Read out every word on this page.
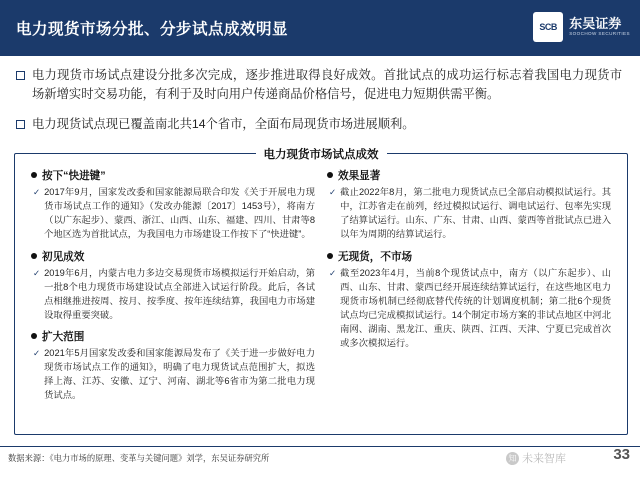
电力现货市场分批、分步试点成效明显	SCB 东吴证券
SOOCHOW SECURITIES
电力现货市场试点建设分批多次完成，逐步推进取得良好成效。首批试点的成功运行标志着我国电力现货市场新增实时交易功能，有利于及时向用户传递商品价格信号，促进电力短期供需平衡。
电力现货试点现已覆盖南北共14个省市，全面布局现货市场进展顺利。
电力现货市场试点成效
按下“快进键”
✓ 2017年9月，国家发改委和国家能源局联合印发《关于开展电力现货市场试点工作的通知》（发改办能源〔2017〕1453号），将南方（以广东起步）、蒙西、浙江、山西、山东、福建、四川、甘肃等8个地区选为首批试点，为我国电力市场建设工作按下了“快进键”。
初见成效
✓ 2019年6月，内蒙古电力多边交易现货市场模拟运行开始启动，第一批8个电力现货市场建设试点全部进入试运行阶段。此后，各试点相继推进按周、按月、按季度、按年连续结算，我国电力市场建设取得重要突破。
扩大范围
✓ 2021年5月国家发改委和国家能源局发布了《关于进一步做好电力现货市场试点工作的通知》，明确了电力现货试点范围扩大，拟选择上海、江苏、安徽、辽宁、河南、湖北等6省市为第二批电力现货试点。
效果显著
✓ 截止2022年8月，第二批电力现货试点已全部启动模拟试运行。其中，江苏省走在前列，经过模拟试运行、调电试运行、包率先实现了结算试运行。山东、广东、甘肃、山西、蒙西等首批试点已进入以年为周期的结算试运行。
无现货，不市场
✓ 截至2023年4月，当前8个现货试点中，南方（以广东起步）、山西、山东、甘肃、蒙西已经开展连续结算试运行，在这些地区电力现货市场机制已经彻底替代传统的计划调度机制；第二批6个现货试点均已完成模拟试运行。14个制定市场方案的非试点地区中河北南网、湖南、黑龙江、重庆、陕西、江西、天津、宁夏已完成首次或多次模拟运行。
数据来源：《电力市场的原理、变革与关键问题》刘学，东吴证券研究所	知 未来智库	33
